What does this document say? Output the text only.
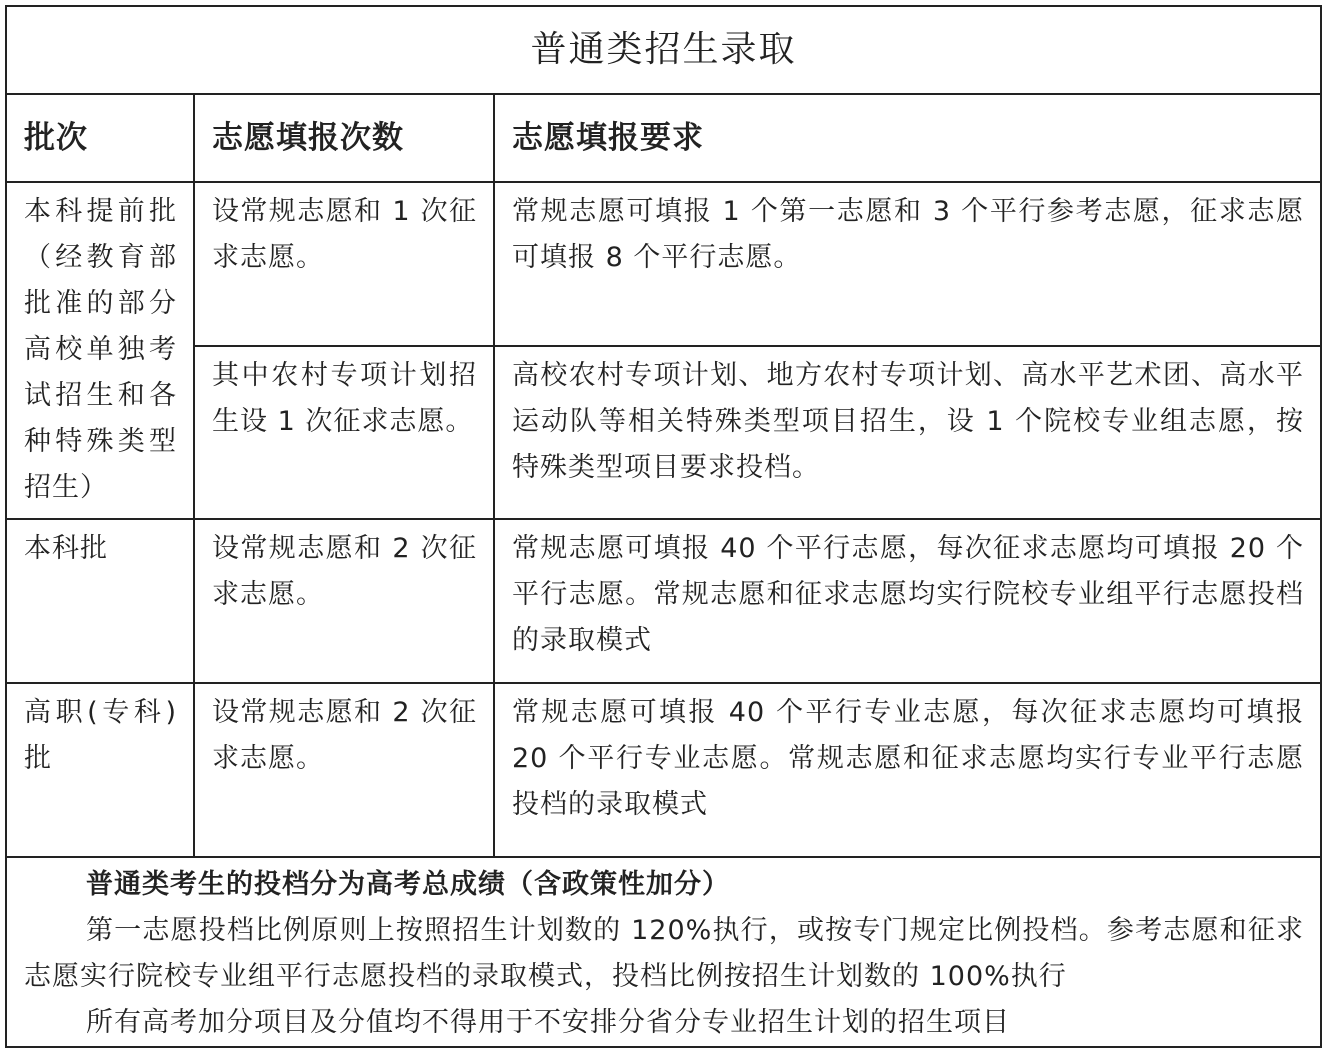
普通类招生录取		
批次	志愿填报次数	志愿填报要求
本科提前批（经教育部批准的部分高校单独考试招生和各种特殊类型招生）	设常规志愿和 1 次征求志愿。	常规志愿可填报 1 个第一志愿和 3 个平行参考志愿，征求志愿可填报 8 个平行志愿。
	其中农村专项计划招生设 1 次征求志愿。	高校农村专项计划、地方农村专项计划、高水平艺术团、高水平运动队等相关特殊类型项目招生，设 1 个院校专业组志愿，按特殊类型项目要求投档。
本科批	设常规志愿和 2 次征求志愿。	常规志愿可填报 40 个平行志愿，每次征求志愿均可填报 20 个平行志愿。常规志愿和征求志愿均实行院校专业组平行志愿投档的录取模式
高职(专科)批	设常规志愿和 2 次征求志愿。	常规志愿可填报 40 个平行专业志愿，每次征求志愿均可填报 20 个平行专业志愿。常规志愿和征求志愿均实行专业平行志愿投档的录取模式

普通类考生的投档分为高考总成绩（含政策性加分）

第一志愿投档比例原则上按照招生计划数的 120%执行，或按专门规定比例投档。参考志愿和征求志愿实行院校专业组平行志愿投档的录取模式，投档比例按招生计划数的 100%执行

所有高考加分项目及分值均不得用于不安排分省分专业招生计划的招生项目		
